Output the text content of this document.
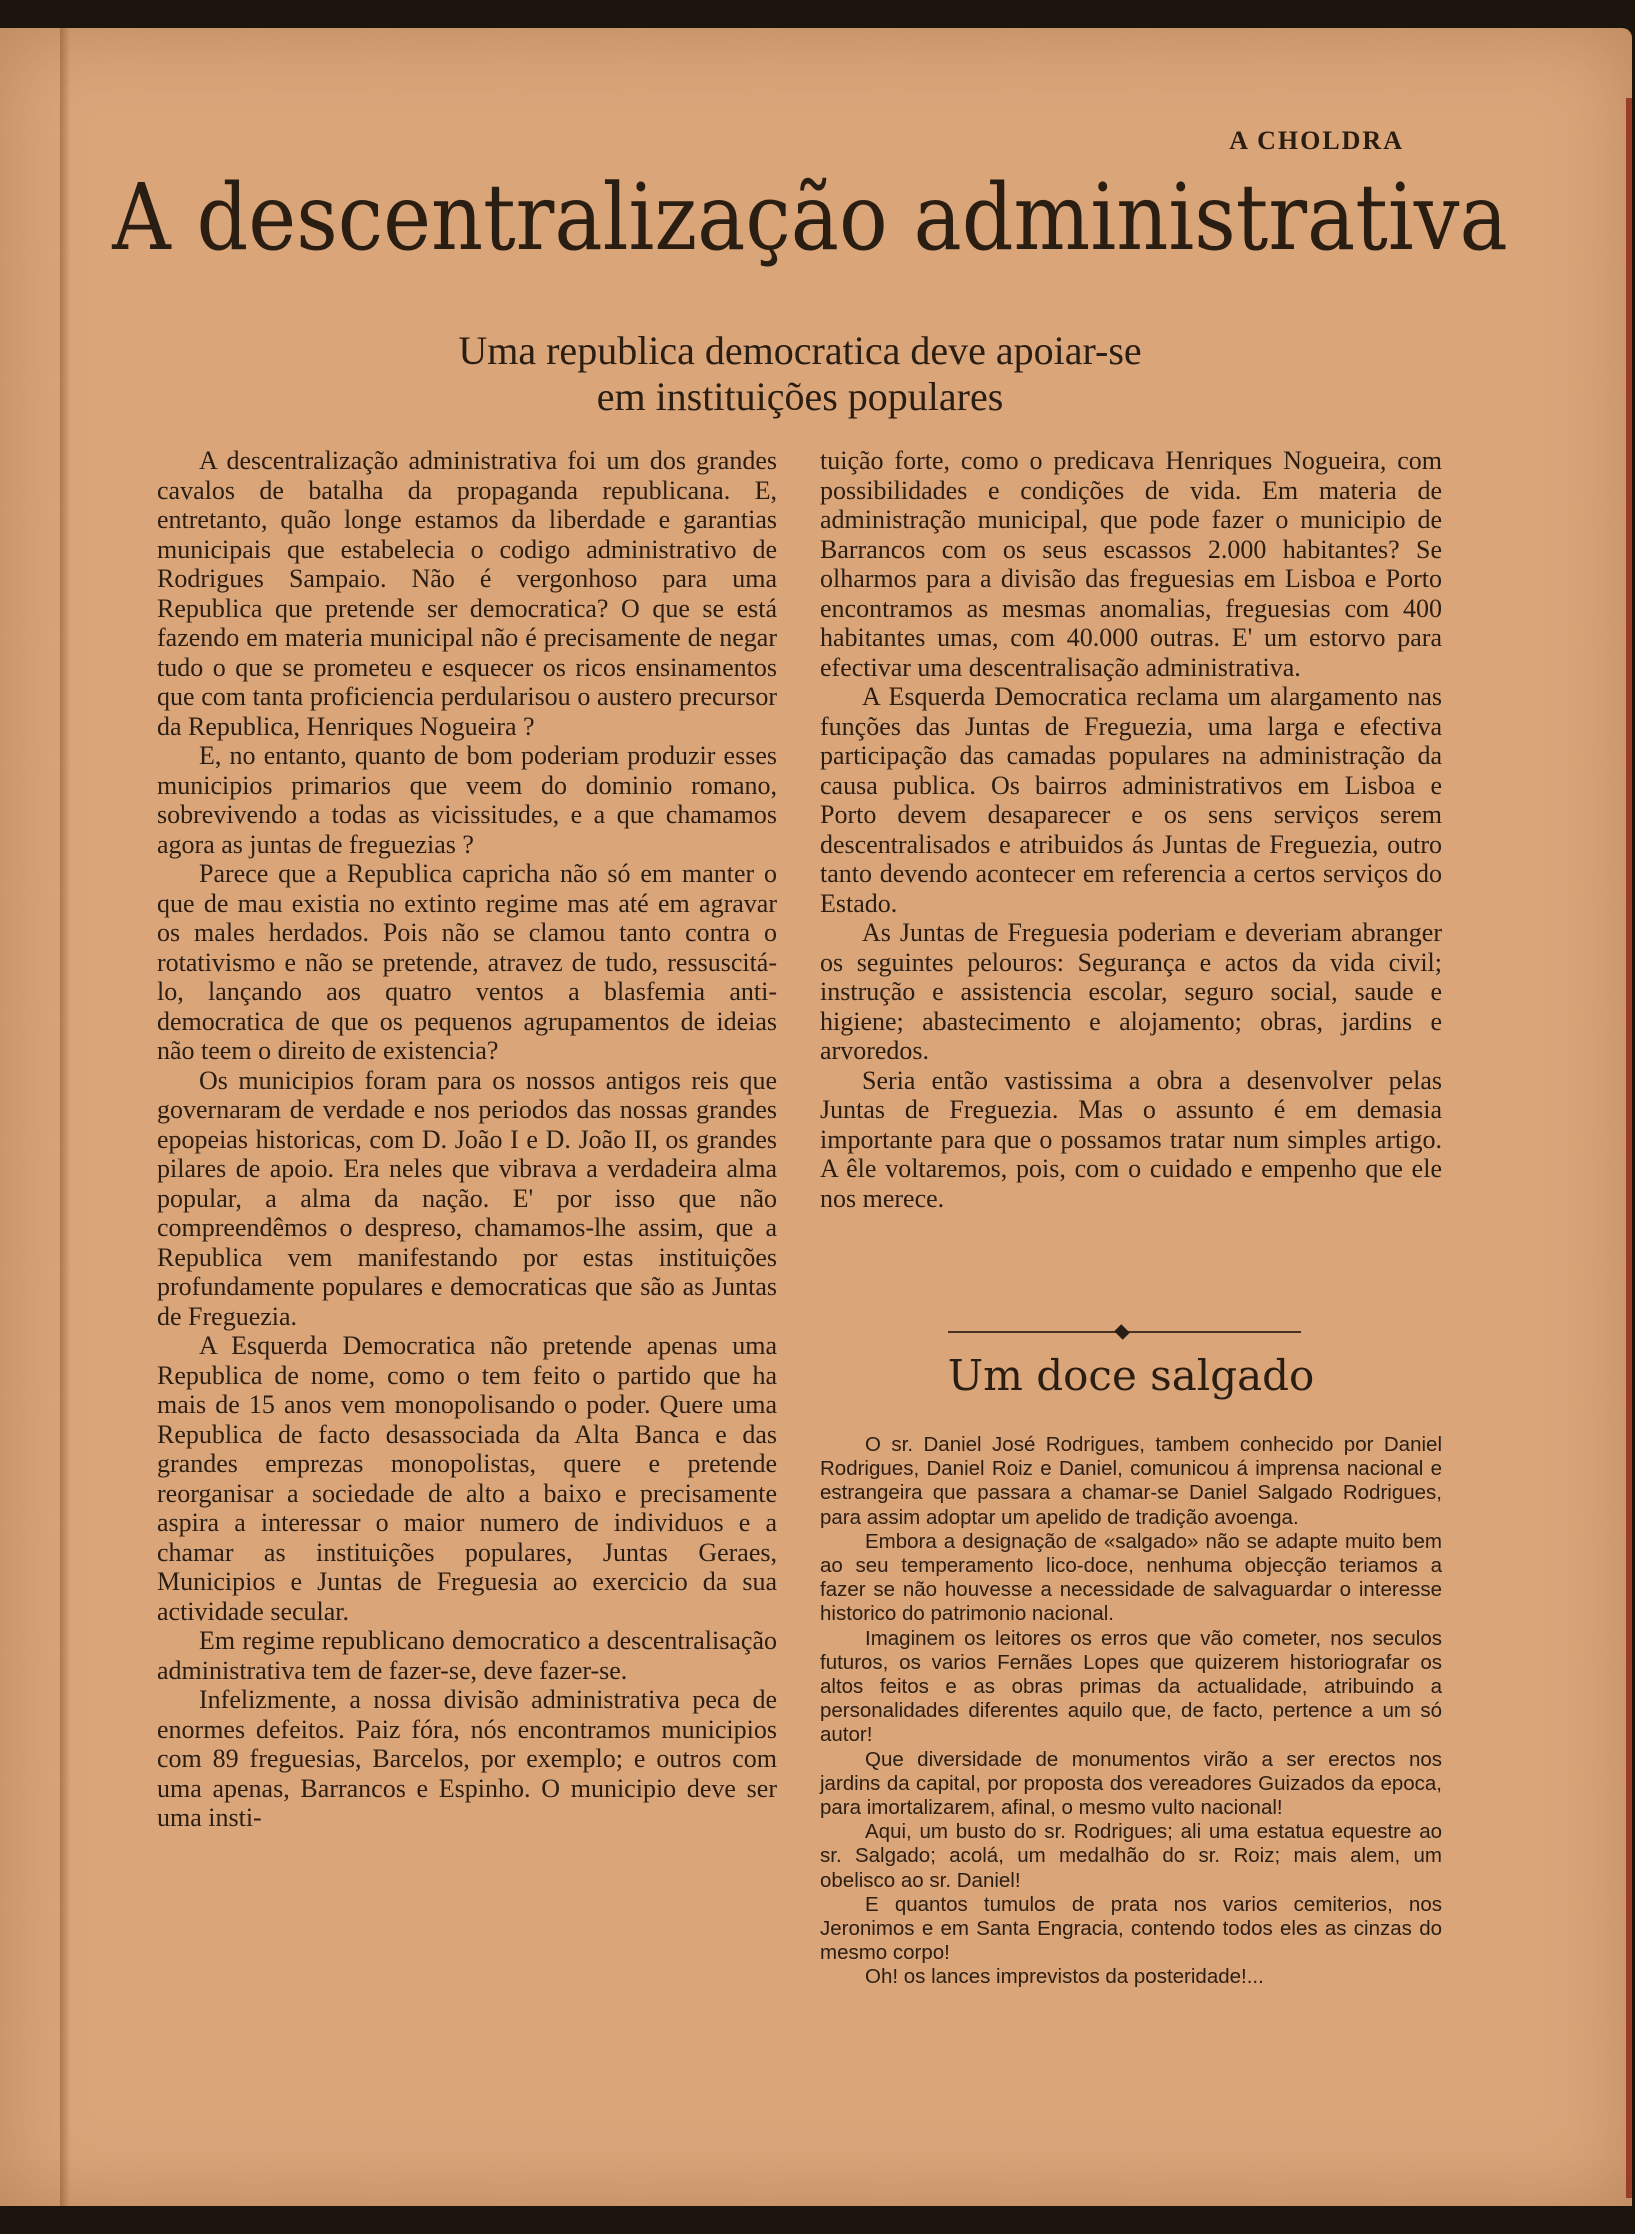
A CHOLDRA
A descentralização administrativa
Uma republica democratica deve apoiar-se
em instituições populares

A descentralização administrativa foi um dos grandes cavalos de batalha da propaganda republicana. E, entretanto, quão longe estamos da liberdade e garantias municipais que estabelecia o codigo administrativo de Rodrigues Sampaio. Não é vergonhoso para uma Republica que pretende ser democratica? O que se está fazendo em materia municipal não é precisamente de negar tudo o que se prometeu e esquecer os ricos ensinamentos que com tanta proficiencia perdularisou o austero precursor da Republica, Henriques Nogueira ?

E, no entanto, quanto de bom poderiam produzir esses municipios primarios que veem do dominio romano, sobrevivendo a todas as vicissitudes, e a que chamamos agora as juntas de freguezias ?

Parece que a Republica capricha não só em manter o que de mau existia no extinto regime mas até em agravar os males herdados. Pois não se clamou tanto contra o rotativismo e não se pretende, atravez de tudo, ressuscitá-lo, lançando aos quatro ventos a blasfemia anti-democratica de que os pequenos agrupamentos de ideias não teem o direito de existencia?

Os municipios foram para os nossos antigos reis que governaram de verdade e nos periodos das nossas grandes epopeias historicas, com D. João I e D. João II, os grandes pilares de apoio. Era neles que vibrava a verdadeira alma popular, a alma da nação. E' por isso que não compreendêmos o despreso, chamamos-lhe assim, que a Republica vem manifestando por estas instituições profundamente populares e democraticas que são as Juntas de Freguezia.

A Esquerda Democratica não pretende apenas uma Republica de nome, como o tem feito o partido que ha mais de 15 anos vem monopolisando o poder. Quere uma Republica de facto desassociada da Alta Banca e das grandes emprezas monopolistas, quere e pretende reorganisar a sociedade de alto a baixo e precisamente aspira a interessar o maior numero de individuos e a chamar as instituições populares, Juntas Geraes, Municipios e Juntas de Freguesia ao exercicio da sua actividade secular.

Em regime republicano democratico a descentralisação administrativa tem de fazer-se, deve fazer-se.

Infelizmente, a nossa divisão administrativa peca de enormes defeitos. Paiz fóra, nós encontramos municipios com 89 freguesias, Barcelos, por exemplo; e outros com uma apenas, Barrancos e Espinho. O municipio deve ser uma insti-

tuição forte, como o predicava Henriques Nogueira, com possibilidades e condições de vida. Em materia de administração municipal, que pode fazer o municipio de Barrancos com os seus escassos 2.000 habitantes? Se olharmos para a divisão das freguesias em Lisboa e Porto encontramos as mesmas anomalias, freguesias com 400 habitantes umas, com 40.000 outras. E' um estorvo para efectivar uma descentralisação administrativa.

A Esquerda Democratica reclama um alargamento nas funções das Juntas de Freguezia, uma larga e efectiva participação das camadas populares na administração da causa publica. Os bairros administrativos em Lisboa e Porto devem desaparecer e os sens serviços serem descentralisados e atribuidos ás Juntas de Freguezia, outro tanto devendo acontecer em referencia a certos serviços do Estado.

As Juntas de Freguesia poderiam e deveriam abranger os seguintes pelouros: Segurança e actos da vida civil; instrução e assistencia escolar, seguro social, saude e higiene; abastecimento e alojamento; obras, jardins e arvoredos.

Seria então vastissima a obra a desenvolver pelas Juntas de Freguezia. Mas o assunto é em demasia importante para que o possamos tratar num simples artigo. A êle voltaremos, pois, com o cuidado e empenho que ele nos merece.

Um doce salgado

O sr. Daniel José Rodrigues, tambem conhecido por Daniel Rodrigues, Daniel Roiz e Daniel, comunicou á imprensa nacional e estrangeira que passara a chamar-se Daniel Salgado Rodrigues, para assim adoptar um apelido de tradição avoenga.

Embora a designação de «salgado» não se adapte muito bem ao seu temperamento lico-doce, nenhuma objecção teriamos a fazer se não houvesse a necessidade de salvaguardar o interesse historico do patrimonio nacional.

Imaginem os leitores os erros que vão cometer, nos seculos futuros, os varios Fernães Lopes que quizerem historiografar os altos feitos e as obras primas da actualidade, atribuindo a personalidades diferentes aquilo que, de facto, pertence a um só autor!

Que diversidade de monumentos virão a ser erectos nos jardins da capital, por proposta dos vereadores Guizados da epoca, para imortalizarem, afinal, o mesmo vulto nacional!

Aqui, um busto do sr. Rodrigues; ali uma estatua equestre ao sr. Salgado; acolá, um medalhão do sr. Roiz; mais alem, um obelisco ao sr. Daniel!

E quantos tumulos de prata nos varios cemiterios, nos Jeronimos e em Santa Engracia, contendo todos eles as cinzas do mesmo corpo!

Oh! os lances imprevistos da posteridade!...
